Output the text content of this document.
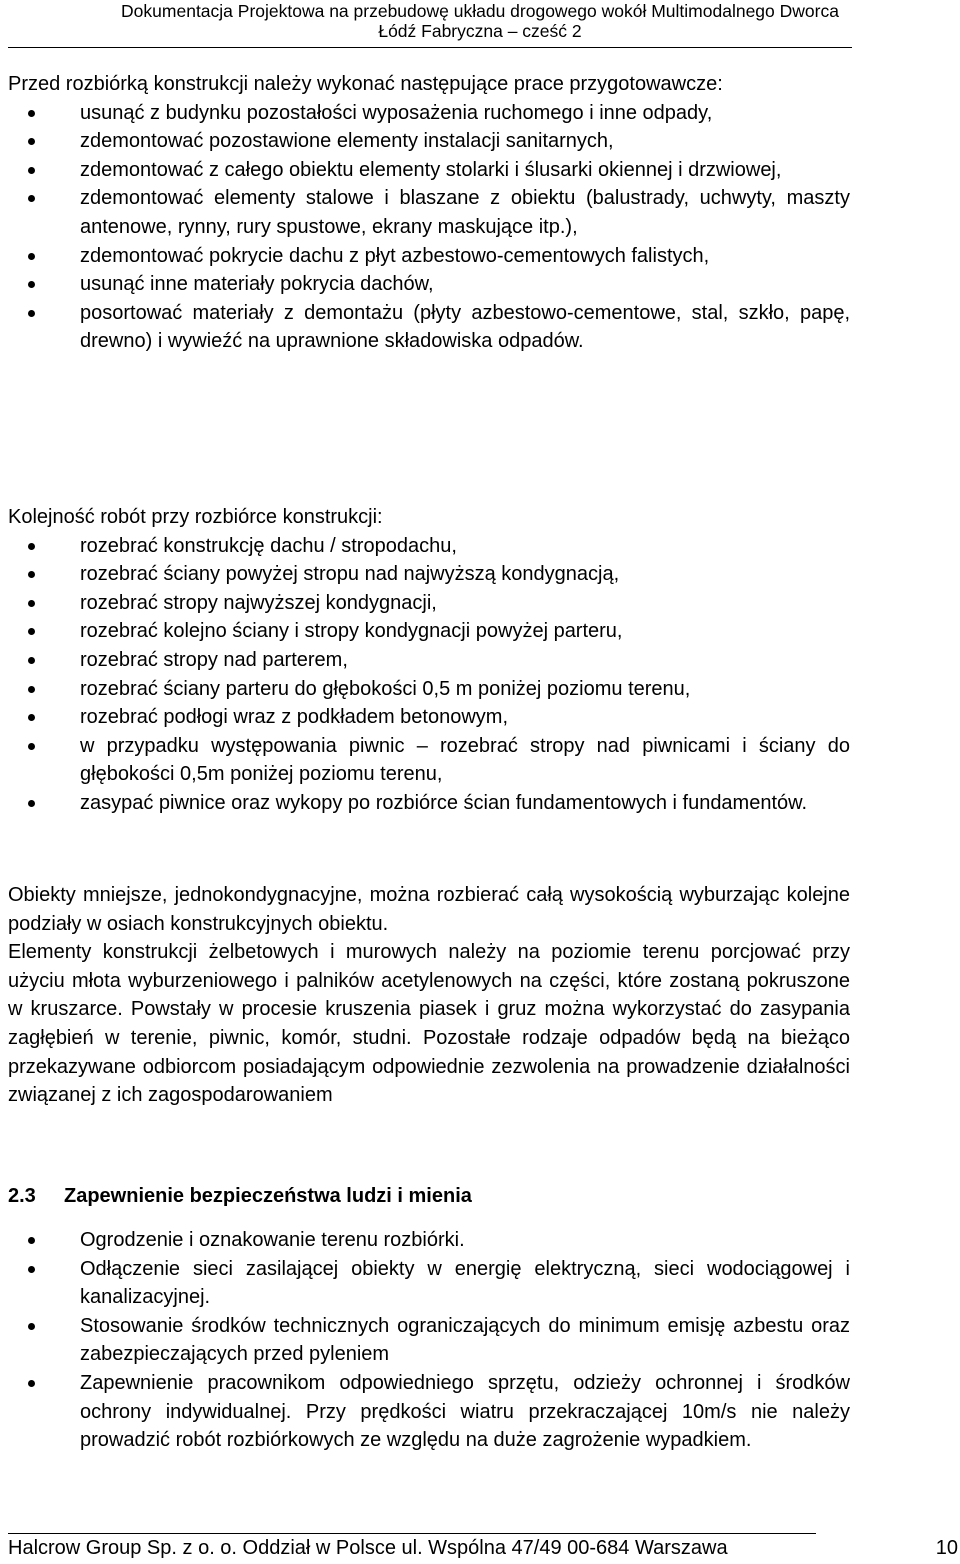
Dokumentacja Projektowa na przebudowę układu drogowego wokół Multimodalnego Dworca
Łódź Fabryczna – cześć 2

Przed rozbiórką konstrukcji należy wykonać następujące prace przygotowawcze:

usunąć z budynku pozostałości wyposażenia ruchomego i inne odpady,
zdemontować pozostawione elementy instalacji sanitarnych,
zdemontować z całego obiektu elementy stolarki i ślusarki okiennej i drzwiowej,
zdemontować elementy stalowe i blaszane z obiektu (balustrady, uchwyty, maszty antenowe, rynny, rury spustowe, ekrany maskujące itp.),
zdemontować pokrycie dachu z płyt azbestowo-cementowych falistych,
usunąć inne materiały pokrycia dachów,
posortować materiały z demontażu (płyty azbestowo-cementowe, stal, szkło, papę, drewno) i wywieźć na uprawnione składowiska odpadów.

Kolejność robót przy rozbiórce konstrukcji:

rozebrać konstrukcję dachu / stropodachu,
rozebrać ściany powyżej stropu nad najwyższą kondygnacją,
rozebrać stropy najwyższej kondygnacji,
rozebrać kolejno ściany i stropy kondygnacji powyżej parteru,
rozebrać stropy nad parterem,
rozebrać ściany parteru do głębokości 0,5 m poniżej poziomu terenu,
rozebrać podłogi wraz z podkładem betonowym,
w przypadku występowania piwnic – rozebrać stropy nad piwnicami i ściany do głębokości 0,5m poniżej poziomu terenu,
zasypać piwnice oraz wykopy po rozbiórce ścian fundamentowych i fundamentów.

Obiekty mniejsze, jednokondygnacyjne, można rozbierać całą wysokością wyburzając kolejne podziały w osiach konstrukcyjnych obiektu.

Elementy konstrukcji żelbetowych i murowych należy na poziomie terenu porcjować przy użyciu młota wyburzeniowego i palników acetylenowych na części, które zostaną pokruszone w kruszarce. Powstały w procesie kruszenia piasek i gruz można wykorzystać do zasypania zagłębień w terenie, piwnic, komór, studni. Pozostałe rodzaje odpadów będą na bieżąco przekazywane odbiorcom posiadającym odpowiednie zezwolenia na prowadzenie działalności związanej z ich zagospodarowaniem

2.3 Zapewnienie bezpieczeństwa ludzi i mienia
Ogrodzenie i oznakowanie terenu rozbiórki.
Odłączenie sieci zasilającej obiekty w energię elektryczną, sieci wodociągowej i kanalizacyjnej.
Stosowanie środków technicznych ograniczających do minimum emisję azbestu oraz zabezpieczających przed pyleniem
Zapewnienie pracownikom odpowiedniego sprzętu, odzieży ochronnej i środków ochrony indywidualnej. Przy prędkości wiatru przekraczającej 10m/s nie należy prowadzić robót rozbiórkowych ze względu na duże zagrożenie wypadkiem.
Halcrow Group Sp. z o. o. Oddział w Polsce ul. Wspólna 47/49 00-684 Warszawa	10
